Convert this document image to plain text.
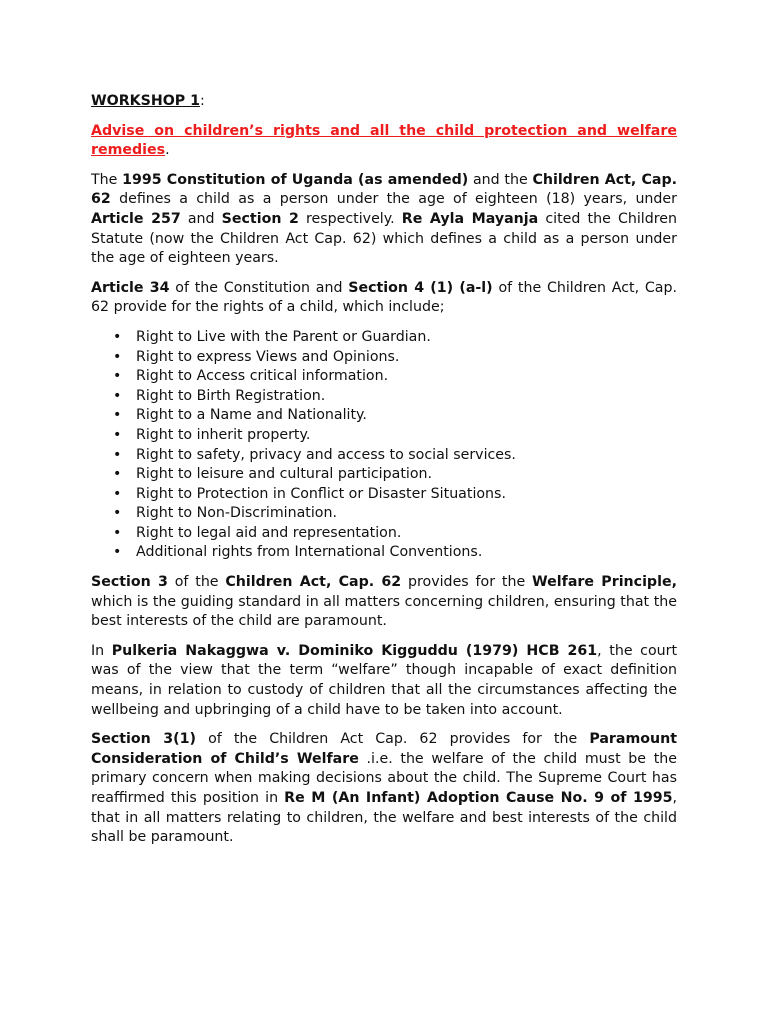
WORKSHOP 1:
Advise on children’s rights and all the child protection and welfare remedies.

The 1995 Constitution of Uganda (as amended) and the Children Act, Cap. 62 defines a child as a person under the age of eighteen (18) years, under Article 257 and Section 2 respectively. Re Ayla Mayanja cited the Children Statute (now the Children Act Cap. 62) which defines a child as a person under the age of eighteen years.

Article 34 of the Constitution and Section 4 (1) (a-l) of the Children Act, Cap. 62 provide for the rights of a child, which include;

• Right to Live with the Parent or Guardian.
• Right to express Views and Opinions.
• Right to Access critical information.
• Right to Birth Registration.
• Right to a Name and Nationality.
• Right to inherit property.
• Right to safety, privacy and access to social services.
• Right to leisure and cultural participation.
• Right to Protection in Conflict or Disaster Situations.
• Right to Non-Discrimination.
• Right to legal aid and representation.
• Additional rights from International Conventions.

Section 3 of the Children Act, Cap. 62 provides for the Welfare Principle, which is the guiding standard in all matters concerning children, ensuring that the best interests of the child are paramount.

In Pulkeria Nakaggwa v. Dominiko Kigguddu (1979) HCB 261, the court was of the view that the term “welfare” though incapable of exact definition means, in relation to custody of children that all the circumstances affecting the wellbeing and upbringing of a child have to be taken into account.

Section 3(1) of the Children Act Cap. 62 provides for the Paramount Consideration of Child’s Welfare .i.e. the welfare of the child must be the primary concern when making decisions about the child. The Supreme Court has reaffirmed this position in Re M (An Infant) Adoption Cause No. 9 of 1995, that in all matters relating to children, the welfare and best interests of the child shall be paramount.
